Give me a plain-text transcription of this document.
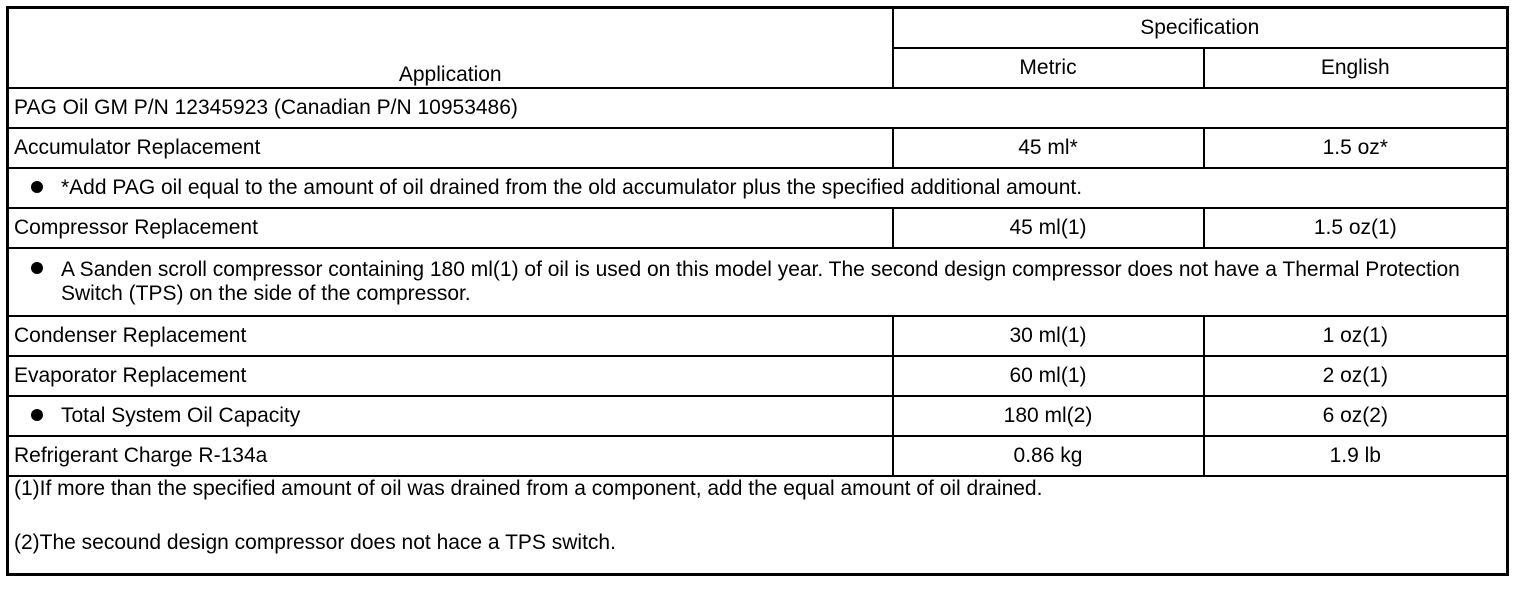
Application	Specification	
	Metric	English
PAG Oil GM P/N 12345923 (Canadian P/N 10953486)		
Accumulator Replacement	45 ml*	1.5 oz*

*Add PAG oil equal to the amount of oil drained from the old accumulator plus the specified additional amount.		
Compressor Replacement	45 ml(1)	1.5 oz(1)

A Sanden scroll compressor containing 180 ml(1) of oil is used on this model year. The second design compressor does not have a Thermal Protection Switch (TPS) on the side of the compressor.		
Condenser Replacement	30 ml(1)	1 oz(1)
Evaporator Replacement	60 ml(1)	2 oz(1)

Total System Oil Capacity	180 ml(2)	6 oz(2)
Refrigerant Charge R-134a	0.86 kg	1.9 lb

(1)If more than the specified amount of oil was drained from a component, add the equal amount of oil drained.
(2)The secound design compressor does not hace a TPS switch.		
